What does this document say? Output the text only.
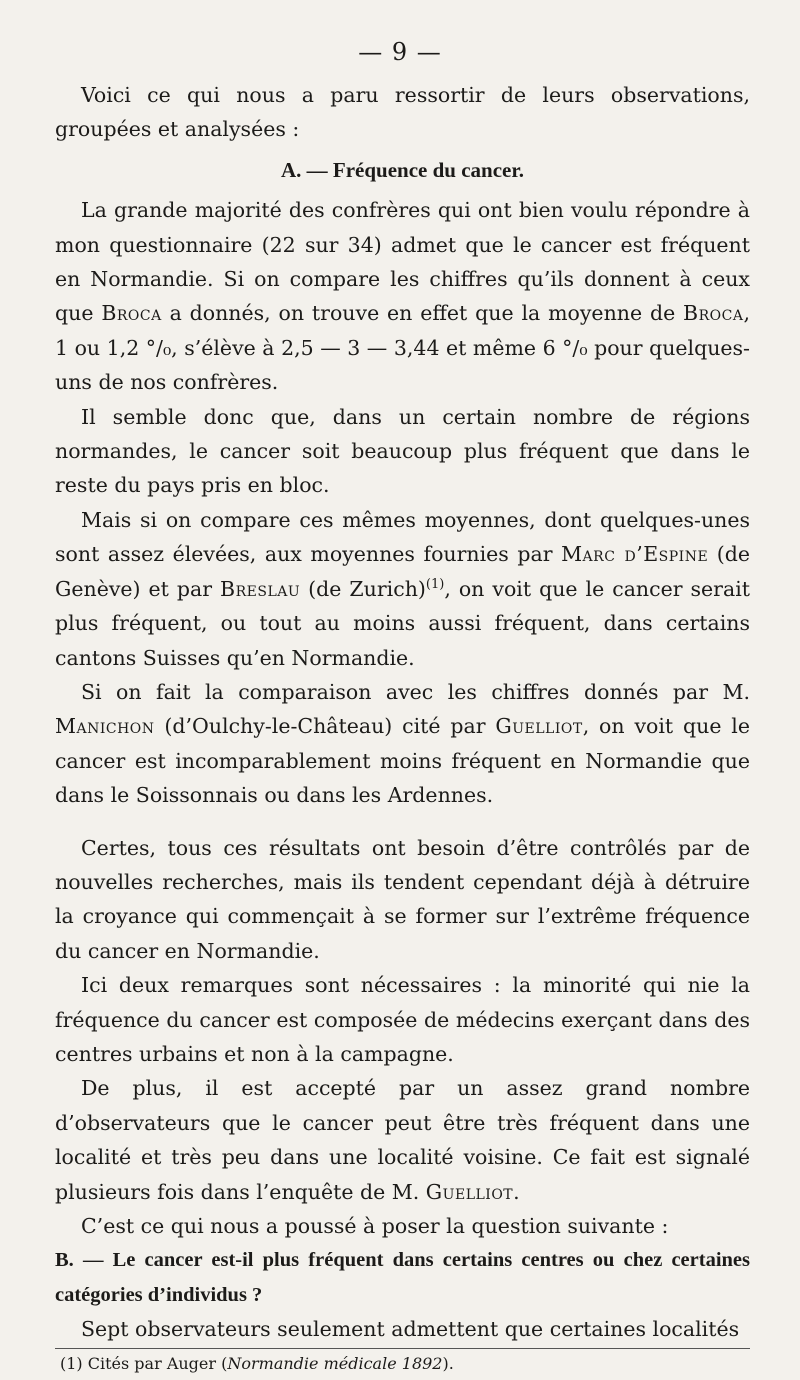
— 9 —

Voici ce qui nous a paru ressortir de leurs observations, groupées et analysées :

A. — Fréquence du cancer.

La grande majorité des confrères qui ont bien voulu répondre à mon questionnaire (22 sur 34) admet que le cancer est fréquent en Normandie. Si on compare les chiffres qu’ils donnent à ceux que Broca a donnés, on trouve en effet que la moyenne de Broca, 1 ou 1,2 °/₀, s’élève à 2,5 — 3 — 3,44 et même 6 °/₀ pour quelques-uns de nos confrères.

Il semble donc que, dans un certain nombre de régions normandes, le cancer soit beaucoup plus fréquent que dans le reste du pays pris en bloc.

Mais si on compare ces mêmes moyennes, dont quelques-unes sont assez élevées, aux moyennes fournies par Marc d’Espine (de Genève) et par Breslau (de Zurich)$^{(1)}$, on voit que le cancer serait plus fréquent, ou tout au moins aussi fréquent, dans certains cantons Suisses qu’en Normandie.

Si on fait la comparaison avec les chiffres donnés par M. Manichon (d’Oulchy-le-Château) cité par Guelliot, on voit que le cancer est incomparablement moins fréquent en Normandie que dans le Soissonnais ou dans les Ardennes.

Certes, tous ces résultats ont besoin d’être contrôlés par de nouvelles recherches, mais ils tendent cependant déjà à détruire la croyance qui commençait à se former sur l’extrême fréquence du cancer en Normandie.

Ici deux remarques sont nécessaires : la minorité qui nie la fréquence du cancer est composée de médecins exerçant dans des centres urbains et non à la campagne.

De plus, il est accepté par un assez grand nombre d’observateurs que le cancer peut être très fréquent dans une localité et très peu dans une localité voisine. Ce fait est signalé plusieurs fois dans l’enquête de M. Guelliot.

C’est ce qui nous a poussé à poser la question suivante :

B. — Le cancer est-il plus fréquent dans certains centres ou chez certaines catégories d’individus ?

Sept observateurs seulement admettent que certaines localités

(1) Cités par Auger (Normandie médicale 1892).
